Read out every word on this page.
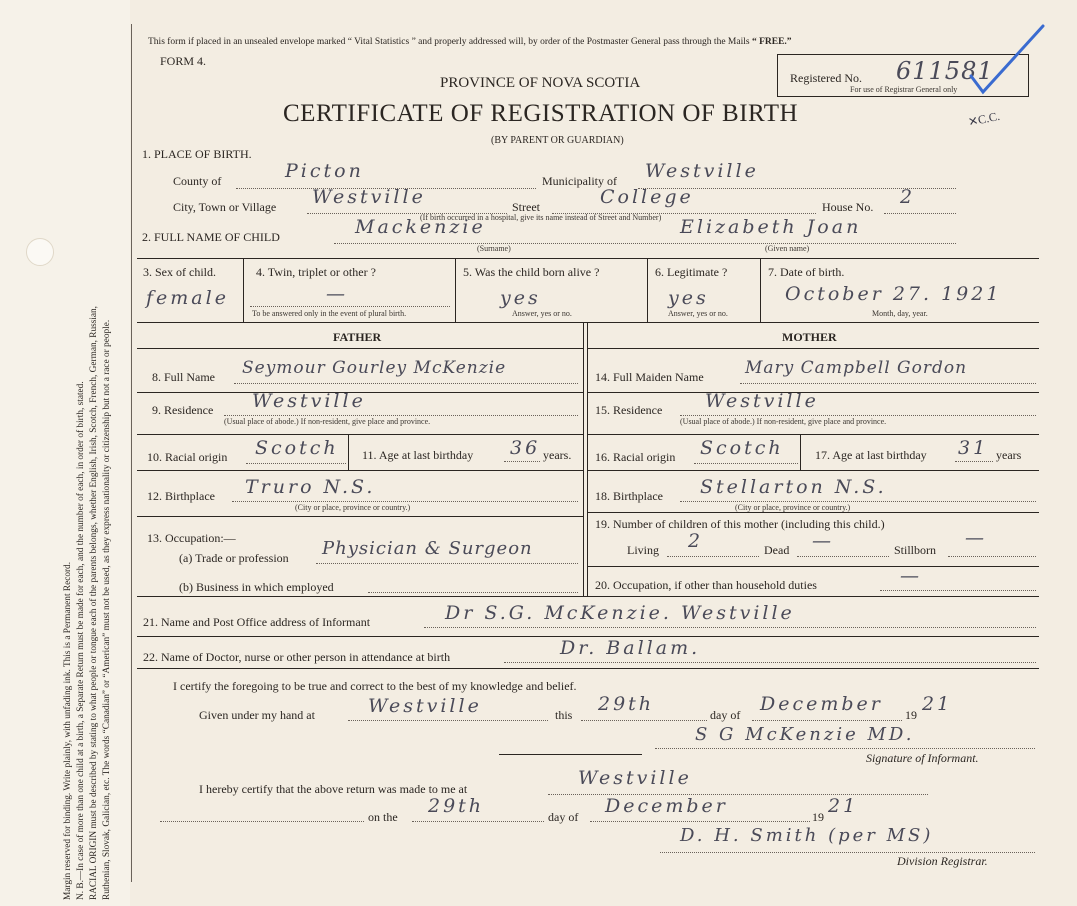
Margin reserved for binding. Write plainly, with unfading ink. This is a Permanent Record. N. B.—In case of more than one child at a birth, a Separate Return must be made for each, and the number of each, in order of birth, stated. RACIAL ORIGIN must be described by stating to what people or tongue each of the parents belongs, whether English, Irish, Scotch, French, German, Russian, Ruthenian, Slovak, Galician, etc. The words “Canadian” or “American” must not be used, as they express nationality or citizenship but not a race or people.
This form if placed in an unsealed envelope marked “ Vital Statistics ” and properly addressed will, by order of the Postmaster General pass through the Mails “ FREE.”
FORM 4.
PROVINCE OF NOVA SCOTIA
CERTIFICATE OF REGISTRATION OF BIRTH
(BY PARENT OR GUARDIAN)
Registered No. 611581
For use of Registrar General only
✕C.C.
1. PLACE OF BIRTH.
County of	Picton	Municipality of Westville
City, Town or Village Westville	Street	College	House No. 2
(If birth occurred in a hospital, give its name instead of Street and Number)
2. FULL NAME OF CHILD	Mackenzie
(Surname)
Elizabeth Joan
(Given name)
3. Sex of child.
female
4. Twin, triplet or other ?
—
To be answered only in the event of plural birth.
5. Was the child born alive ?
yes
Answer, yes or no.
6. Legitimate ?
yes
Answer, yes or no.
7. Date of birth.
October 27. 1921
Month, day, year.
FATHER	MOTHER
8. Full Name Seymour Gourley McKenzie
9. Residence Westville
(Usual place of abode.) If non-resident, give place and province.
10. Racial origin Scotch 11. Age at last birthday 36 years.
12. Birthplace Truro N.S.
(City or place, province or country.)
13. Occupation:—
(a) Trade or profession Physician & Surgeon
(b) Business in which employed
14. Full Maiden Name Mary Campbell Gordon
15. Residence Westville
(Usual place of abode.) If non-resident, give place and province.
16. Racial origin Scotch	17. Age at last birthday 31 years
18. Birthplace Stellarton N.S.
(City or place, province or country.)
19. Number of children of this mother (including this child.)
Living 2	Dead —	Stillborn
—
20. Occupation, if other than household duties	—
21. Name and Post Office address of Informant	Dr S.G. McKenzie. Westville
22. Name of Doctor, nurse or other person in attendance at birth	Dr. Ballam.
I certify the foregoing to be true and correct to the best of my knowledge and belief.
Given under my hand at	Westville	this 29th	day of December 19 21
S G McKenzie MD.
Signature of Informant.
I hereby certify that the above return was made to me at	Westville
on the 29th	day of December	19 21
D. H. Smith (per MS)
Division Registrar.
